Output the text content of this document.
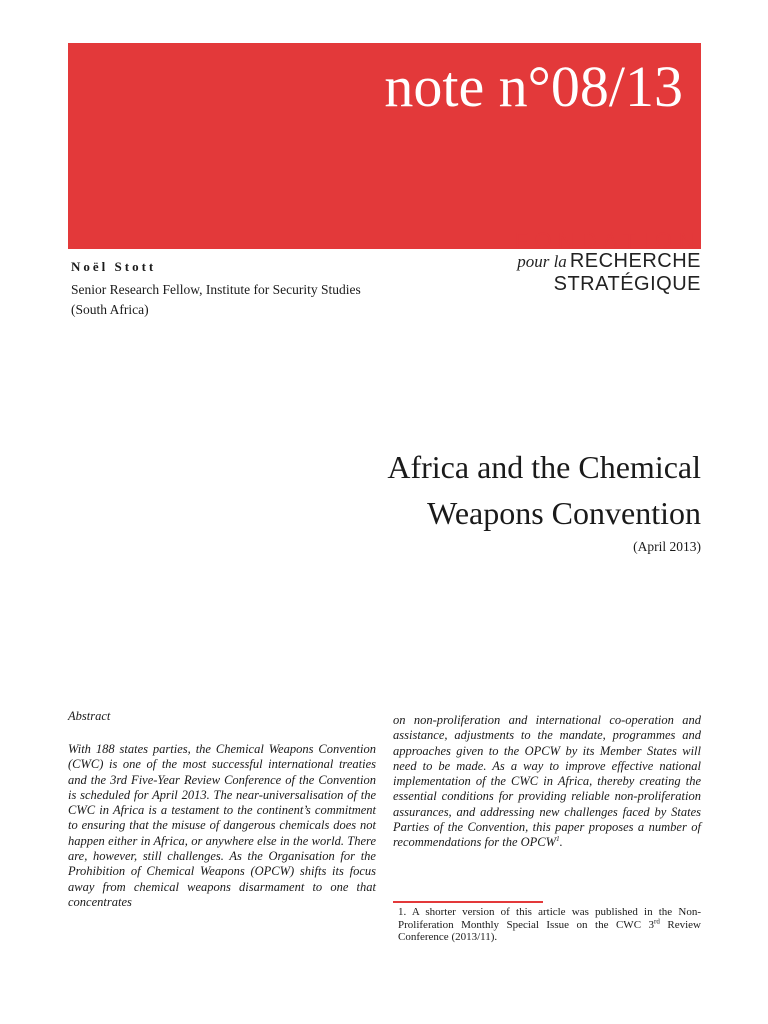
note n°08/13
FONDATION
pour la RECHERCHE
STRATÉGIQUE
Noël Stott
Senior Research Fellow, Institute for Security Studies (South Africa)
Africa and the Chemical
Weapons Convention
(April 2013)
Abstract
With 188 states parties, the Chemical Weapons Convention (CWC) is one of the most successful international treaties and the 3rd Five-Year Review Conference of the Convention is scheduled for April 2013. The near-universalisation of the CWC in Africa is a testament to the continent’s commitment to ensuring that the misuse of dangerous chemicals does not happen either in Africa, or anywhere else in the world. There are, however, still challenges. As the Organisation for the Prohibition of Chemical Weapons (OPCW) shifts its focus away from chemical weapons disarmament to one that concentrates
on non-proliferation and international co-operation and assistance, adjustments to the mandate, programmes and approaches given to the OPCW by its Member States will need to be made. As a way to improve effective national implementation of the CWC in Africa, thereby creating the essential conditions for providing reliable non-proliferation assurances, and addressing new challenges faced by States Parties of the Convention, this paper proposes a number of recommendations for the OPCW$^1$.
1. A shorter version of this article was published in the Non-Proliferation Monthly Special Issue on the CWC 3rd Review Conference (2013/11).
